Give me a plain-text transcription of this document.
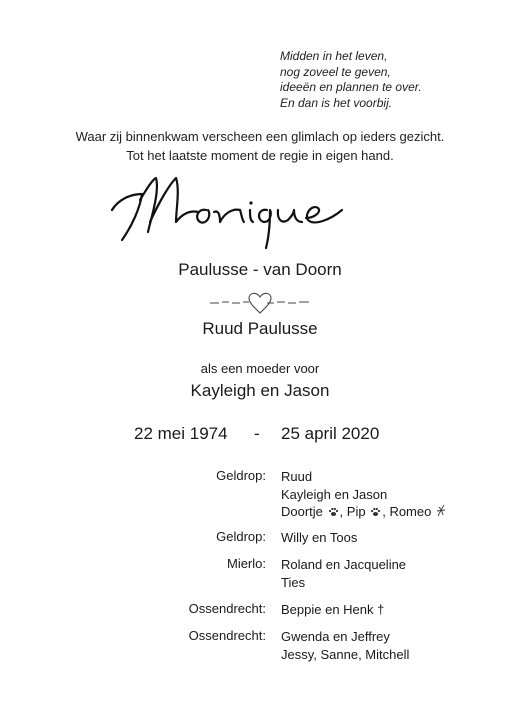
Midden in het leven,
nog zoveel te geven,
ideeën en plannen te over.
En dan is het voorbij.
Waar zij binnenkwam verscheen een glimlach op ieders gezicht.
Tot het laatste moment de regie in eigen hand.
Paulusse - van Doorn
Ruud Paulusse
als een moeder voor
Kayleigh en Jason
22 mei 1974 - 25 april 2020
Geldrop: Ruud
Kayleigh en Jason
Doortje , Pip , Romeo
Geldrop: Willy en Toos
Mierlo: Roland en Jacqueline
Ties
Ossendrecht: Beppie en Henk †
Ossendrecht: Gwenda en Jeffrey
Jessy, Sanne, Mitchell
